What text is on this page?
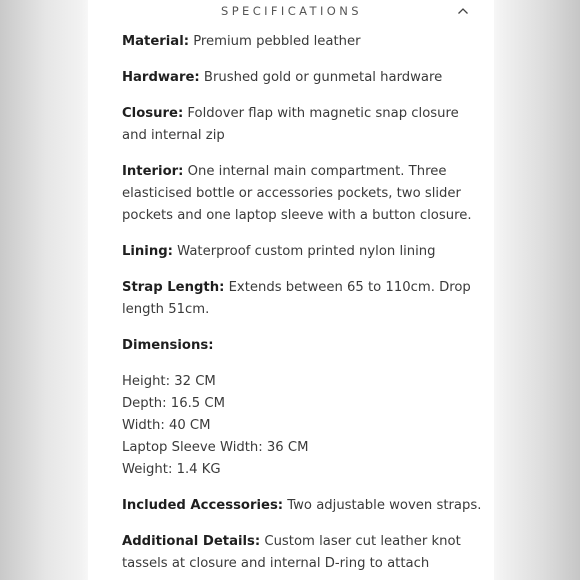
SPECIFICATIONS

Material: Premium pebbled leather

Hardware: Brushed gold or gunmetal hardware

Closure: Foldover flap with magnetic snap closure and internal zip

Interior: One internal main compartment. Three elasticised bottle or accessories pockets, two slider pockets and one laptop sleeve with a button closure.

Lining: Waterproof custom printed nylon lining

Strap Length: Extends between 65 to 110cm. Drop length 51cm.

Dimensions:

Height: 32 CM
Depth: 16.5 CM
Width: 40 CM
Laptop Sleeve Width: 36 CM
Weight: 1.4 KG

Included Accessories: Two adjustable woven straps.

Additional Details: Custom laser cut leather knot tassels at closure and internal D-ring to attach
